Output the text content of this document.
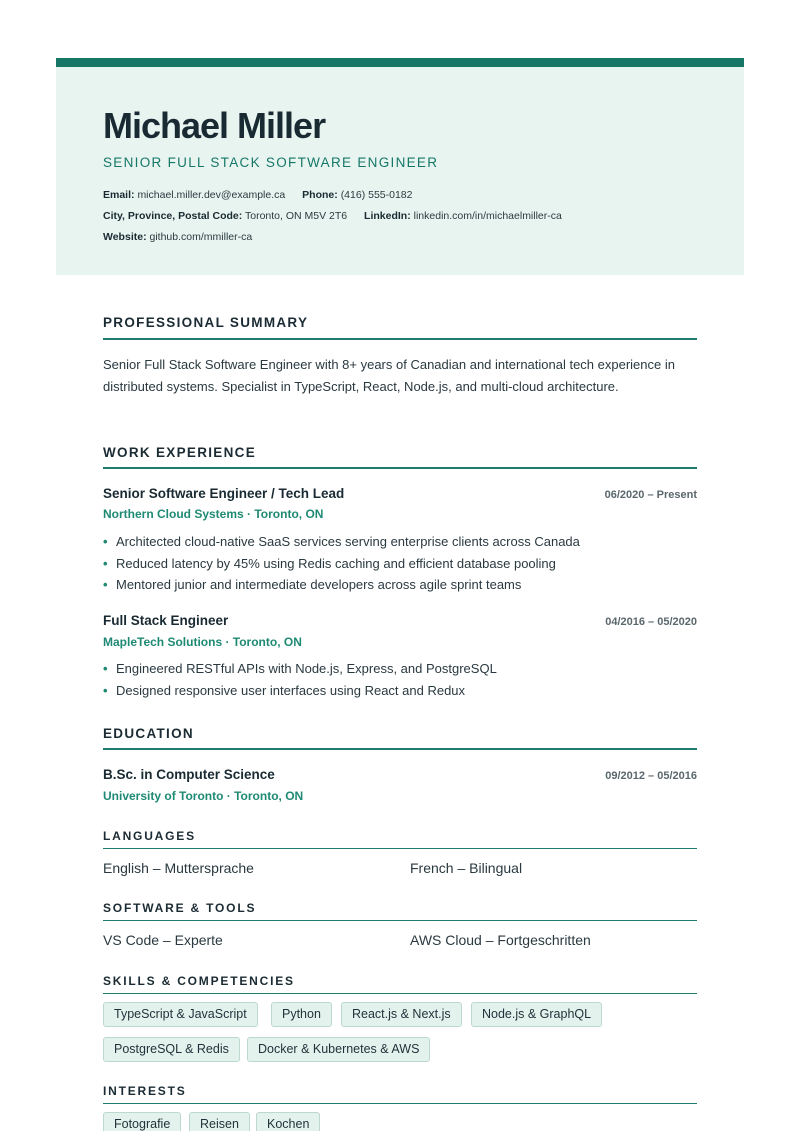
Michael Miller
SENIOR FULL STACK SOFTWARE ENGINEER
Email: michael.miller.dev@example.ca Phone: (416) 555-0182
City, Province, Postal Code: Toronto, ON M5V 2T6 LinkedIn: linkedin.com/in/michaelmiller-ca
Website: github.com/mmiller-ca
PROFESSIONAL SUMMARY
Senior Full Stack Software Engineer with 8+ years of Canadian and international tech experience in distributed systems. Specialist in TypeScript, React, Node.js, and multi-cloud architecture.
WORK EXPERIENCE
Senior Software Engineer / Tech Lead	06/2020 – Present
Northern Cloud Systems · Toronto, ON
• Architected cloud-native SaaS services serving enterprise clients across Canada
• Reduced latency by 45% using Redis caching and efficient database pooling
• Mentored junior and intermediate developers across agile sprint teams
Full Stack Engineer	04/2016 – 05/2020
MapleTech Solutions · Toronto, ON
• Engineered RESTful APIs with Node.js, Express, and PostgreSQL
• Designed responsive user interfaces using React and Redux
EDUCATION
B.Sc. in Computer Science	09/2012 – 05/2016
University of Toronto · Toronto, ON
LANGUAGES
English – Muttersprache	French – Bilingual
SOFTWARE & TOOLS
VS Code – Experte	AWS Cloud – Fortgeschritten
SKILLS & COMPETENCIES
TypeScript & JavaScript	Python	React.js & Next.js	Node.js & GraphQL
PostgreSQL & Redis	Docker & Kubernetes & AWS
INTERESTS
Fotografie	Reisen	Kochen
